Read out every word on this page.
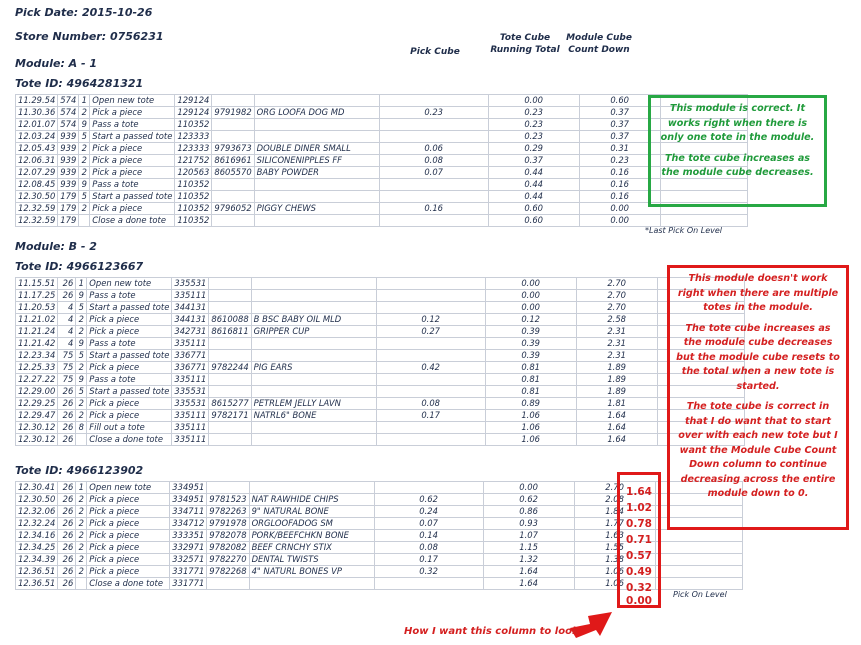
Pick Date: 2015-10-26
Store Number: 0756231
Pick Cube
Tote Cube
Running Total
Module Cube
Count Down
Module: A - 1
Tote ID: 4964281321
11.29.54	574	1	Open new tote	129124				0.00	0.60	
11.30.36	574	2	Pick a piece	129124	9791982	ORG LOOFA DOG MD	0.23	0.23	0.37	
12.01.07	574	9	Pass a tote	110352				0.23	0.37	
12.03.24	939	5	Start a passed tote	123333				0.23	0.37	
12.05.43	939	2	Pick a piece	123333	9793673	DOUBLE DINER SMALL	0.06	0.29	0.31	
12.06.31	939	2	Pick a piece	121752	8616961	SILICONENIPPLES FF	0.08	0.37	0.23	
12.07.29	939	2	Pick a piece	120563	8605570	BABY POWDER	0.07	0.44	0.16	
12.08.45	939	9	Pass a tote	110352				0.44	0.16	
12.30.50	179	5	Start a passed tote	110352				0.44	0.16	
12.32.59	179	2	Pick a piece	110352	9796052	PIGGY CHEWS	0.16	0.60	0.00	
12.32.59	179		Close a done tote	110352				0.60	0.00	
*Last Pick On Level
Module: B - 2
Tote ID: 4966123667
11.15.51	26	1	Open new tote	335531				0.00	2.70	
11.17.25	26	9	Pass a tote	335111				0.00	2.70	
11.20.53	4	5	Start a passed tote	344131				0.00	2.70	
11.21.02	4	2	Pick a piece	344131	8610088	B BSC BABY OIL MLD	0.12	0.12	2.58	
11.21.24	4	2	Pick a piece	342731	8616811	GRIPPER CUP	0.27	0.39	2.31	
11.21.42	4	9	Pass a tote	335111				0.39	2.31	
12.23.34	75	5	Start a passed tote	336771				0.39	2.31	
12.25.33	75	2	Pick a piece	336771	9782244	PIG EARS	0.42	0.81	1.89	
12.27.22	75	9	Pass a tote	335111				0.81	1.89	
12.29.00	26	5	Start a passed tote	335531				0.81	1.89	
12.29.25	26	2	Pick a piece	335531	8615277	PETRLEM JELLY LAVN	0.08	0.89	1.81	
12.29.47	26	2	Pick a piece	335111	9782171	NATRL6" BONE	0.17	1.06	1.64	
12.30.12	26	8	Fill out a tote	335111				1.06	1.64	
12.30.12	26		Close a done tote	335111				1.06	1.64	
Tote ID: 4966123902
12.30.41	26	1	Open new tote	334951				0.00	2.70	
12.30.50	26	2	Pick a piece	334951	9781523	NAT RAWHIDE CHIPS	0.62	0.62	2.08	
12.32.06	26	2	Pick a piece	334711	9782263	9" NATURAL BONE	0.24	0.86	1.84	
12.32.24	26	2	Pick a piece	334712	9791978	ORGLOOFADOG SM	0.07	0.93	1.77	
12.34.16	26	2	Pick a piece	333351	9782078	PORK/BEEFCHKN BONE	0.14	1.07	1.63	
12.34.25	26	2	Pick a piece	332971	9782082	BEEF CRNCHY STIX	0.08	1.15	1.55	
12.34.39	26	2	Pick a piece	332571	9782270	DENTAL TWISTS	0.17	1.32	1.38	
12.36.51	26	2	Pick a piece	331771	9782268	4" NATURL BONES VP	0.32	1.64	1.06	
12.36.51	26		Close a done tote	331771				1.64	1.06	
Pick On Level

This module is correct. It works right when there is only one tote in the module.

The tote cube increases as the module cube decreases.

This module doesn't work right when there are multiple totes in the module.

The tote cube increases as the module cube decreases but the module cube resets to the total when a new tote is started.

The tote cube is correct in that I do want that to start over with each new tote but I want the Module Cube Count Down column to continue decreasing across the entire module down to 0.

1.64
1.02
0.78
0.71
0.57
0.49
0.32
0.00
How I want this column to look
